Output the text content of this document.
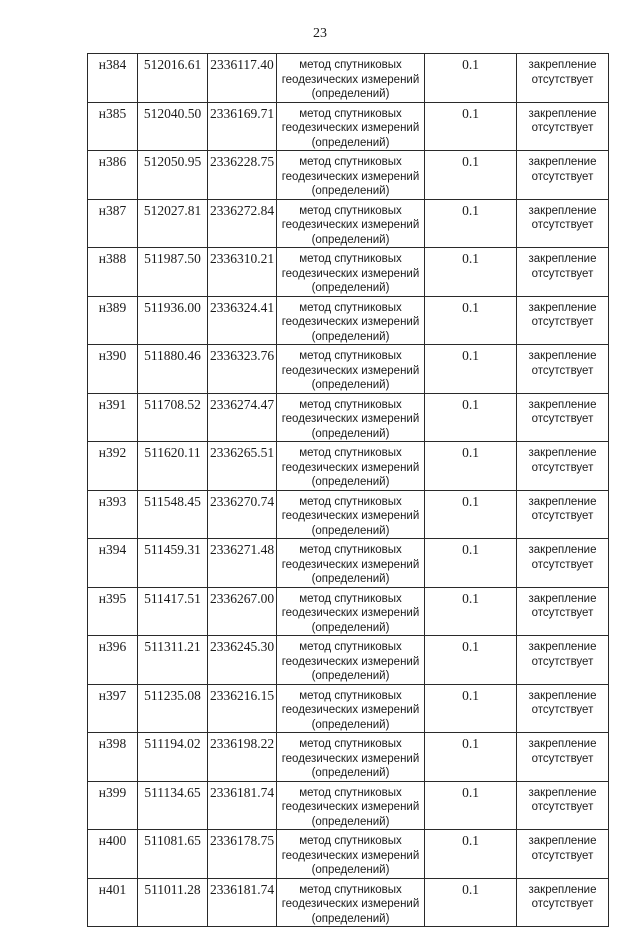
23
н384	512016.61	2336117.40	метод спутниковых
геодезических измерений
(определений)	0.1	закрепление
отсутствует

н385	512040.50	2336169.71	метод спутниковых
геодезических измерений
(определений)	0.1	закрепление
отсутствует

н386	512050.95	2336228.75	метод спутниковых
геодезических измерений
(определений)	0.1	закрепление
отсутствует

н387	512027.81	2336272.84	метод спутниковых
геодезических измерений
(определений)	0.1	закрепление
отсутствует

н388	511987.50	2336310.21	метод спутниковых
геодезических измерений
(определений)	0.1	закрепление
отсутствует

н389	511936.00	2336324.41	метод спутниковых
геодезических измерений
(определений)	0.1	закрепление
отсутствует

н390	511880.46	2336323.76	метод спутниковых
геодезических измерений
(определений)	0.1	закрепление
отсутствует

н391	511708.52	2336274.47	метод спутниковых
геодезических измерений
(определений)	0.1	закрепление
отсутствует

н392	511620.11	2336265.51	метод спутниковых
геодезических измерений
(определений)	0.1	закрепление
отсутствует

н393	511548.45	2336270.74	метод спутниковых
геодезических измерений
(определений)	0.1	закрепление
отсутствует

н394	511459.31	2336271.48	метод спутниковых
геодезических измерений
(определений)	0.1	закрепление
отсутствует

н395	511417.51	2336267.00	метод спутниковых
геодезических измерений
(определений)	0.1	закрепление
отсутствует

н396	511311.21	2336245.30	метод спутниковых
геодезических измерений
(определений)	0.1	закрепление
отсутствует

н397	511235.08	2336216.15	метод спутниковых
геодезических измерений
(определений)	0.1	закрепление
отсутствует

н398	511194.02	2336198.22	метод спутниковых
геодезических измерений
(определений)	0.1	закрепление
отсутствует

н399	511134.65	2336181.74	метод спутниковых
геодезических измерений
(определений)	0.1	закрепление
отсутствует

н400	511081.65	2336178.75	метод спутниковых
геодезических измерений
(определений)	0.1	закрепление
отсутствует

н401	511011.28	2336181.74	метод спутниковых
геодезических измерений
(определений)	0.1	закрепление
отсутствует
